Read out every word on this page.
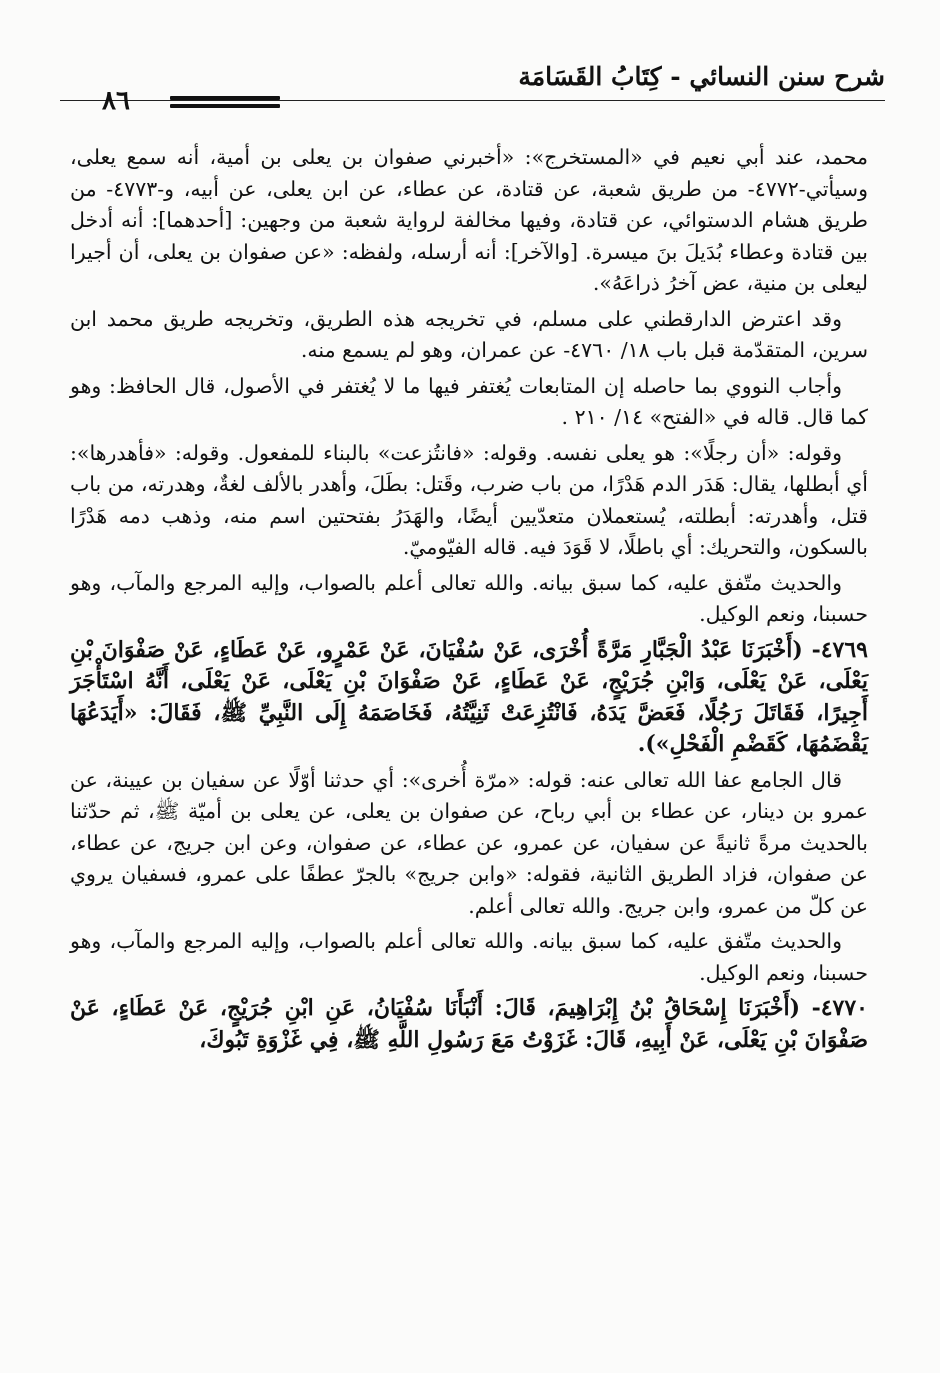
شرح سنن النسائي - كِتَابُ القَسَامَة
٨٦

محمد، عند أبي نعيم في «المستخرج»: «أخبرني صفوان بن يعلى بن أمية، أنه سمع يعلى، وسيأتي-٤٧٧٢- من طريق شعبة، عن قتادة، عن عطاء، عن ابن يعلى، عن أبيه، و-٤٧٧٣- من طريق هشام الدستوائي، عن قتادة، وفيها مخالفة لرواية شعبة من وجهين: [أحدهما]: أنه أدخل بين قتادة وعطاء بُدَيلَ بنَ ميسرة. [والآخر]: أنه أرسله، ولفظه: «عن صفوان بن يعلى، أن أجيرا ليعلى بن منية، عض آخرُ ذراعَهُ».

وقد اعترض الدارقطني على مسلم، في تخريجه هذه الطريق، وتخريجه طريق محمد ابن سرين، المتقدّمة قبل باب ١٨/ ٤٧٦٠- عن عمران، وهو لم يسمع منه.

وأجاب النووي بما حاصله إن المتابعات يُغتفر فيها ما لا يُغتفر في الأصول، قال الحافظ: وهو كما قال. قاله في «الفتح» ١٤/ ٢١٠ .

وقوله: «أن رجلًا»: هو يعلى نفسه. وقوله: «فانتُزعت» بالبناء للمفعول. وقوله: «فأهدرها»: أي أبطلها، يقال: هَدَر الدم هَدْرًا، من باب ضرب، وقَتل: بطَلَ، وأهدر بالألف لغةٌ، وهدرته، من باب قتل، وأهدرته: أبطلته، يُستعملان متعدّيين أيضًا، والهَدَرُ بفتحتين اسم منه، وذهب دمه هَدْرًا بالسكون، والتحريك: أي باطلًا، لا قَوَدَ فيه. قاله الفيّوميّ.

والحديث متّفق عليه، كما سبق بيانه. والله تعالى أعلم بالصواب، وإليه المرجع والمآب، وهو حسبنا، ونعم الوكيل.

٤٧٦٩- (أَخْبَرَنَا عَبْدُ الْجَبَّارِ مَرَّةً أُخْرَى، عَنْ سُفْيَانَ، عَنْ عَمْرٍو، عَنْ عَطَاءٍ، عَنْ صَفْوَانَ بْنِ يَعْلَى، عَنْ يَعْلَى، وَابْنِ جُرَيْجٍ، عَنْ عَطَاءٍ، عَنْ صَفْوَانَ بْنِ يَعْلَى، عَنْ يَعْلَى، أَنَّهُ اسْتَأْجَرَ أَجِيرًا، فَقَاتَلَ رَجُلًا، فَعَضَّ يَدَهُ، فَانْتُزِعَتْ ثَنِيَّتُهُ، فَخَاصَمَهُ إِلَى النَّبِيِّ ﷺ، فَقَالَ: «أَيَدَعُهَا يَقْضَمُهَا، كَقَضْمِ الْفَحْلِ»).

قال الجامع عفا الله تعالى عنه: قوله: «مرّة أُخرى»: أي حدثنا أوّلًا عن سفيان بن عيينة، عن عمرو بن دينار، عن عطاء بن أبي رباح، عن صفوان بن يعلى، عن يعلى بن أميّة ﷺ، ثم حدّثنا بالحديث مرةً ثانيةً عن سفيان، عن عمرو، عن عطاء، عن صفوان، وعن ابن جريج، عن عطاء، عن صفوان، فزاد الطريق الثانية، فقوله: «وابن جريج» بالجرّ عطفًا على عمرو، فسفيان يروي عن كلّ من عمرو، وابن جريج. والله تعالى أعلم.

والحديث متّفق عليه، كما سبق بيانه. والله تعالى أعلم بالصواب، وإليه المرجع والمآب، وهو حسبنا، ونعم الوكيل.

٤٧٧٠- (أَخْبَرَنَا إِسْحَاقُ بْنُ إِبْرَاهِيمَ، قَالَ: أَنْبَأَنَا سُفْيَانُ، عَنِ ابْنِ جُرَيْجٍ، عَنْ عَطَاءٍ، عَنْ صَفْوَانَ بْنِ يَعْلَى، عَنْ أَبِيهِ، قَالَ: غَزَوْتُ مَعَ رَسُولِ اللَّهِ ﷺ، فِي غَزْوَةِ تَبُوكَ،
